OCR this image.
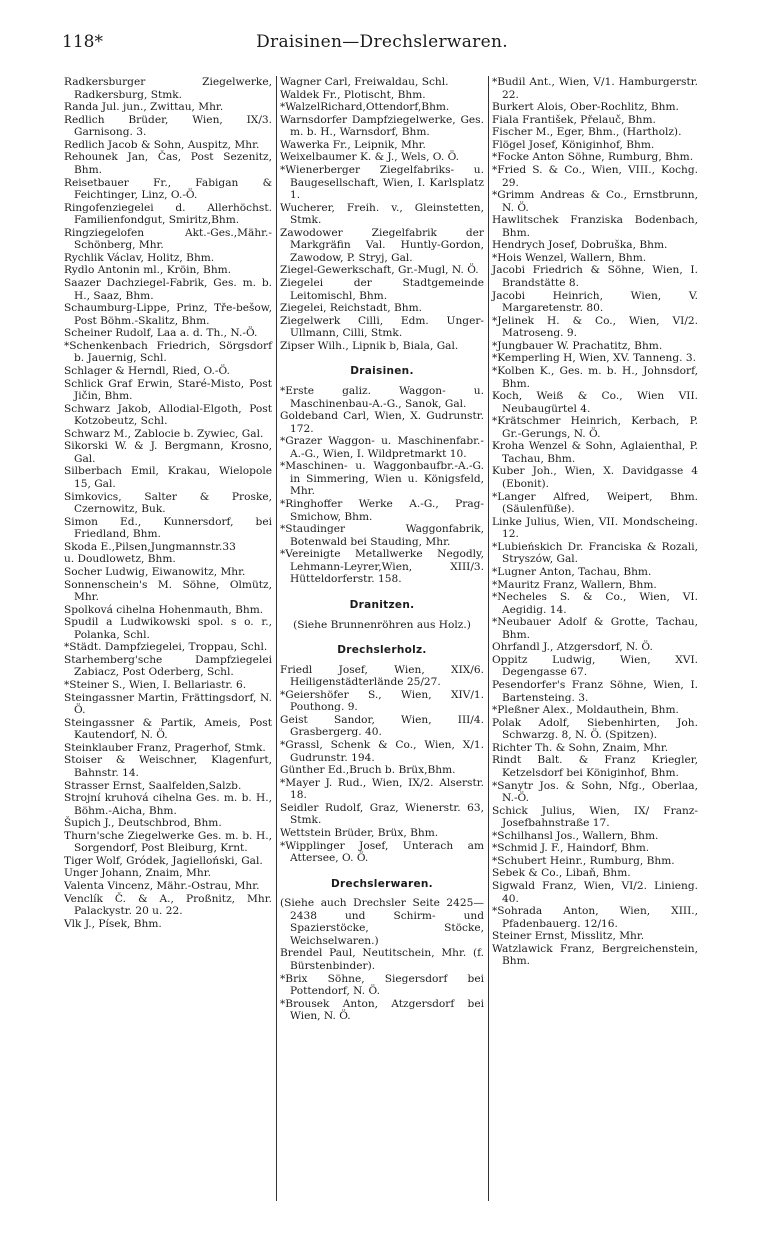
118*	Draisinen—Drechslerwaren.

Radkersburger Ziegelwerke, Radkersburg, Stmk.

Randa Jul. jun., Zwittau, Mhr.

Redlich Brüder, Wien, IX/3. Garnisong. 3.

Redlich Jacob & Sohn, Auspitz, Mhr.

Rehounek Jan, Čas, Post Sezenitz, Bhm.

Reisetbauer Fr., Fabigan & Feichtinger, Linz, O.-Ö.

Ringofenziegelei d. Allerhöchst. Familienfondgut, Smiritz,Bhm.

Ringziegelofen Akt.-Ges.,Mähr.-Schönberg, Mhr.

Rychlik Václav, Holitz, Bhm.

Rydlo Antonin ml., Kröin, Bhm.

Saazer Dachziegel-Fabrik, Ges. m. b. H., Saaz, Bhm.

Schaumburg-Lippe, Prinz, Tře-bešow, Post Böhm.-Skalitz, Bhm.

Scheiner Rudolf, Laa a. d. Th., N.-Ö.

*Schenkenbach Friedrich, Sörgsdorf b. Jauernig, Schl.

Schlager & Herndl, Ried, O.-Ö.

Schlick Graf Erwin, Staré-Misto, Post Jičin, Bhm.

Schwarz Jakob, Allodial-Elgoth, Post Kotzobeutz, Schl.

Schwarz M., Zablocie b. Zywiec, Gal.

Sikorski W. & J. Bergmann, Krosno, Gal.

Silberbach Emil, Krakau, Wielopole 15, Gal.

Simkovics, Salter & Proske, Czernowitz, Buk.

Simon Ed., Kunnersdorf, bei Friedland, Bhm.

Skoda E.,Pilsen,Jungmannstr.33

u. Doudlowetz, Bhm.

Socher Ludwig, Eiwanowitz, Mhr.

Sonnenschein's M. Söhne, Olmütz, Mhr.

Spolková cihelna Hohenmauth, Bhm.

Spudil a Ludwikowski spol. s o. r., Polanka, Schl.

*Städt. Dampfziegelei, Troppau, Schl.

Starhemberg'sche Dampfziegelei Zabiacz, Post Oderberg, Schl.

*Steiner S., Wien, I. Bellariastr. 6.

Steingassner Martin, Frättingsdorf, N. Ö.

Steingassner & Partik, Ameis, Post Kautendorf, N. Ö.

Steinklauber Franz, Pragerhof, Stmk.

Stoiser & Weischner, Klagenfurt, Bahnstr. 14.

Strasser Ernst, Saalfelden,Salzb.

Strojní kruhová cihelna Ges. m. b. H., Böhm.-Aicha, Bhm.

Šupich J., Deutschbrod, Bhm.

Thurn'sche Ziegelwerke Ges. m. b. H., Sorgendorf, Post Bleiburg, Krnt.

Tiger Wolf, Gródek, Jagielloński, Gal.

Unger Johann, Znaim, Mhr.

Valenta Vincenz, Mähr.-Ostrau, Mhr.

Venclík Č. & A., Proßnitz, Mhr. Palackystr. 20 u. 22.

Vlk J., Písek, Bhm.

Wagner Carl, Freiwaldau, Schl.

Waldek Fr., Plotischt, Bhm.

*WalzelRichard,Ottendorf,Bhm.

Warnsdorfer Dampfziegelwerke, Ges. m. b. H., Warnsdorf, Bhm.

Wawerka Fr., Leipnik, Mhr.

Weixelbaumer K. & J., Wels, O. Ö.

*Wienerberger Ziegelfabriks- u. Baugesellschaft, Wien, I. Karlsplatz 1.

Wucherer, Freih. v., Gleinstetten, Stmk.

Zawodower Ziegelfabrik der Markgräfin Val. Huntly-Gordon, Zawodow, P. Stryj, Gal.

Ziegel-Gewerkschaft, Gr.-Mugl, N. Ö.

Ziegelei der Stadtgemeinde Leitomischl, Bhm.

Ziegelei, Reichstadt, Bhm.

Ziegelwerk Cilli, Edm. Unger-Ullmann, Cilli, Stmk.

Zipser Wilh., Lipnik b, Biala, Gal.

Draisinen.

*Erste galiz. Waggon- u. Maschinenbau-A.-G., Sanok, Gal.

Goldeband Carl, Wien, X. Gudrunstr. 172.

*Grazer Waggon- u. Maschinenfabr.-A.-G., Wien, I. Wildpretmarkt 10.

*Maschinen- u. Waggonbaufbr.-A.-G. in Simmering, Wien u. Königsfeld, Mhr.

*Ringhoffer Werke A.-G., Prag-Smichow, Bhm.

*Staudinger Waggonfabrik, Botenwald bei Stauding, Mhr.

*Vereinigte Metallwerke Negodly, Lehmann-Leyrer,Wien, XIII/3. Hütteldorferstr. 158.

Dranitzen.

(Siehe Brunnenröhren aus Holz.)

Drechslerholz.

Friedl Josef, Wien, XIX/6. Heiligenstädterlände 25/27.

*Geiershöfer S., Wien, XIV/1. Pouthong. 9.

Geist Sandor, Wien, III/4. Grasbergerg. 40.

*Grassl, Schenk & Co., Wien, X/1. Gudrunstr. 194.

Günther Ed.,Bruch b. Brüx,Bhm.

*Mayer J. Rud., Wien, IX/2. Alserstr. 18.

Seidler Rudolf, Graz, Wienerstr. 63, Stmk.

Wettstein Brüder, Brüx, Bhm.

*Wipplinger Josef, Unterach am Attersee, O. Ö.

Drechslerwaren.

(Siehe auch Drechsler Seite 2425—2438 und Schirm- und Spazierstöcke, Stöcke, Weichselwaren.)

Brendel Paul, Neutitschein, Mhr. (f. Bürstenbinder).

*Brix Söhne, Siegersdorf bei Pottendorf, N. Ö.

*Brousek Anton, Atzgersdorf bei Wien, N. Ö.

*Budil Ant., Wien, V/1. Hamburgerstr. 22.

Burkert Alois, Ober-Rochlitz, Bhm.

Fiala František, Přelauč, Bhm.

Fischer M., Eger, Bhm., (Hartholz).

Flögel Josef, Königinhof, Bhm.

*Focke Anton Söhne, Rumburg, Bhm.

*Fried S. & Co., Wien, VIII., Kochg. 29.

*Grimm Andreas & Co., Ernstbrunn, N. Ö.

Hawlitschek Franziska Bodenbach, Bhm.

Hendrych Josef, Dobruška, Bhm.

*Hois Wenzel, Wallern, Bhm.

Jacobi Friedrich & Söhne, Wien, I. Brandstätte 8.

Jacobi Heinrich, Wien, V. Margaretenstr. 80.

*Jelinek H. & Co., Wien, VI/2. Matroseng. 9.

*Jungbauer W. Prachatitz, Bhm.

*Kemperling H, Wien, XV. Tanneng. 3.

*Kolben K., Ges. m. b. H., Johnsdorf, Bhm.

Koch, Weiß & Co., Wien VII. Neubaugürtel 4.

*Krätschmer Heinrich, Kerbach, P. Gr.-Gerungs, N. Ö.

Kroha Wenzel & Sohn, Aglaienthal, P. Tachau, Bhm.

Kuber Joh., Wien, X. Davidgasse 4 (Ebonit).

*Langer Alfred, Weipert, Bhm. (Säulenfüße).

Linke Julius, Wien, VII. Mondscheing. 12.

*Lubieńskich Dr. Franciska & Rozali, Stryszów, Gal.

*Lugner Anton, Tachau, Bhm.

*Mauritz Franz, Wallern, Bhm.

*Necheles S. & Co., Wien, VI. Aegidig. 14.

*Neubauer Adolf & Grotte, Tachau, Bhm.

Ohrfandl J., Atzgersdorf, N. Ö.

Oppitz Ludwig, Wien, XVI. Degengasse 67.

Pesendorfer's Franz Söhne, Wien, I. Bartensteing. 3.

*Pleßner Alex., Moldauthein, Bhm.

Polak Adolf, Siebenhirten, Joh. Schwarzg. 8, N. Ö. (Spitzen).

Richter Th. & Sohn, Znaim, Mhr.

Rindt Balt. & Franz Kriegler, Ketzelsdorf bei Königinhof, Bhm.

*Sanytr Jos. & Sohn, Nfg., Oberlaa, N.-Ö.

Schick Julius, Wien, IX/ Franz-Josefbahnstraße 17.

*Schilhansl Jos., Wallern, Bhm.

*Schmid J. F., Haindorf, Bhm.

*Schubert Heinr., Rumburg, Bhm.

Sebek & Co., Libaň, Bhm.

Sigwald Franz, Wien, VI/2. Linieng. 40.

*Sohrada Anton, Wien, XIII., Pfadenbauerg. 12/16.

Steiner Ernst, Misslitz, Mhr.

Watzlawick Franz, Bergreichenstein, Bhm.
